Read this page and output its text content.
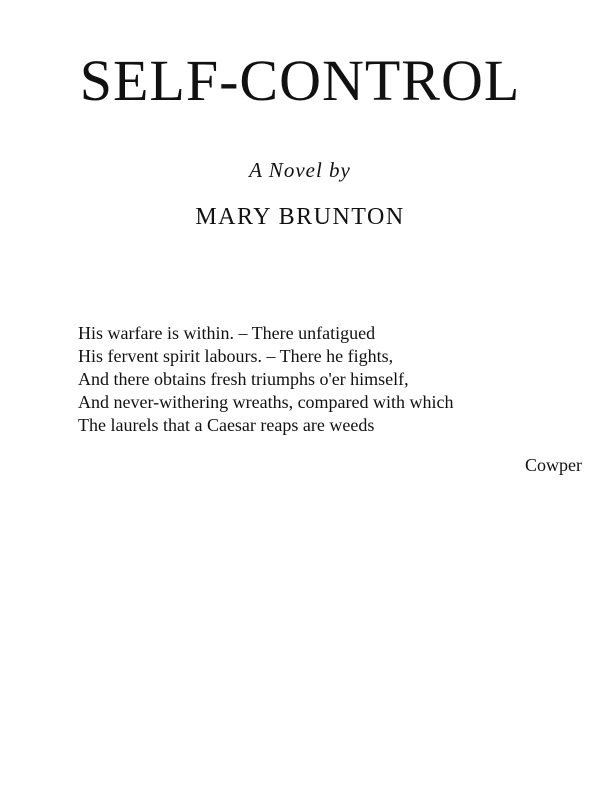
SELF-CONTROL
A Novel by
MARY BRUNTON
His warfare is within. – There unfatigued
His fervent spirit labours. – There he fights,
And there obtains fresh triumphs o'er himself,
And never-withering wreaths, compared with which
The laurels that a Caesar reaps are weeds
Cowper
